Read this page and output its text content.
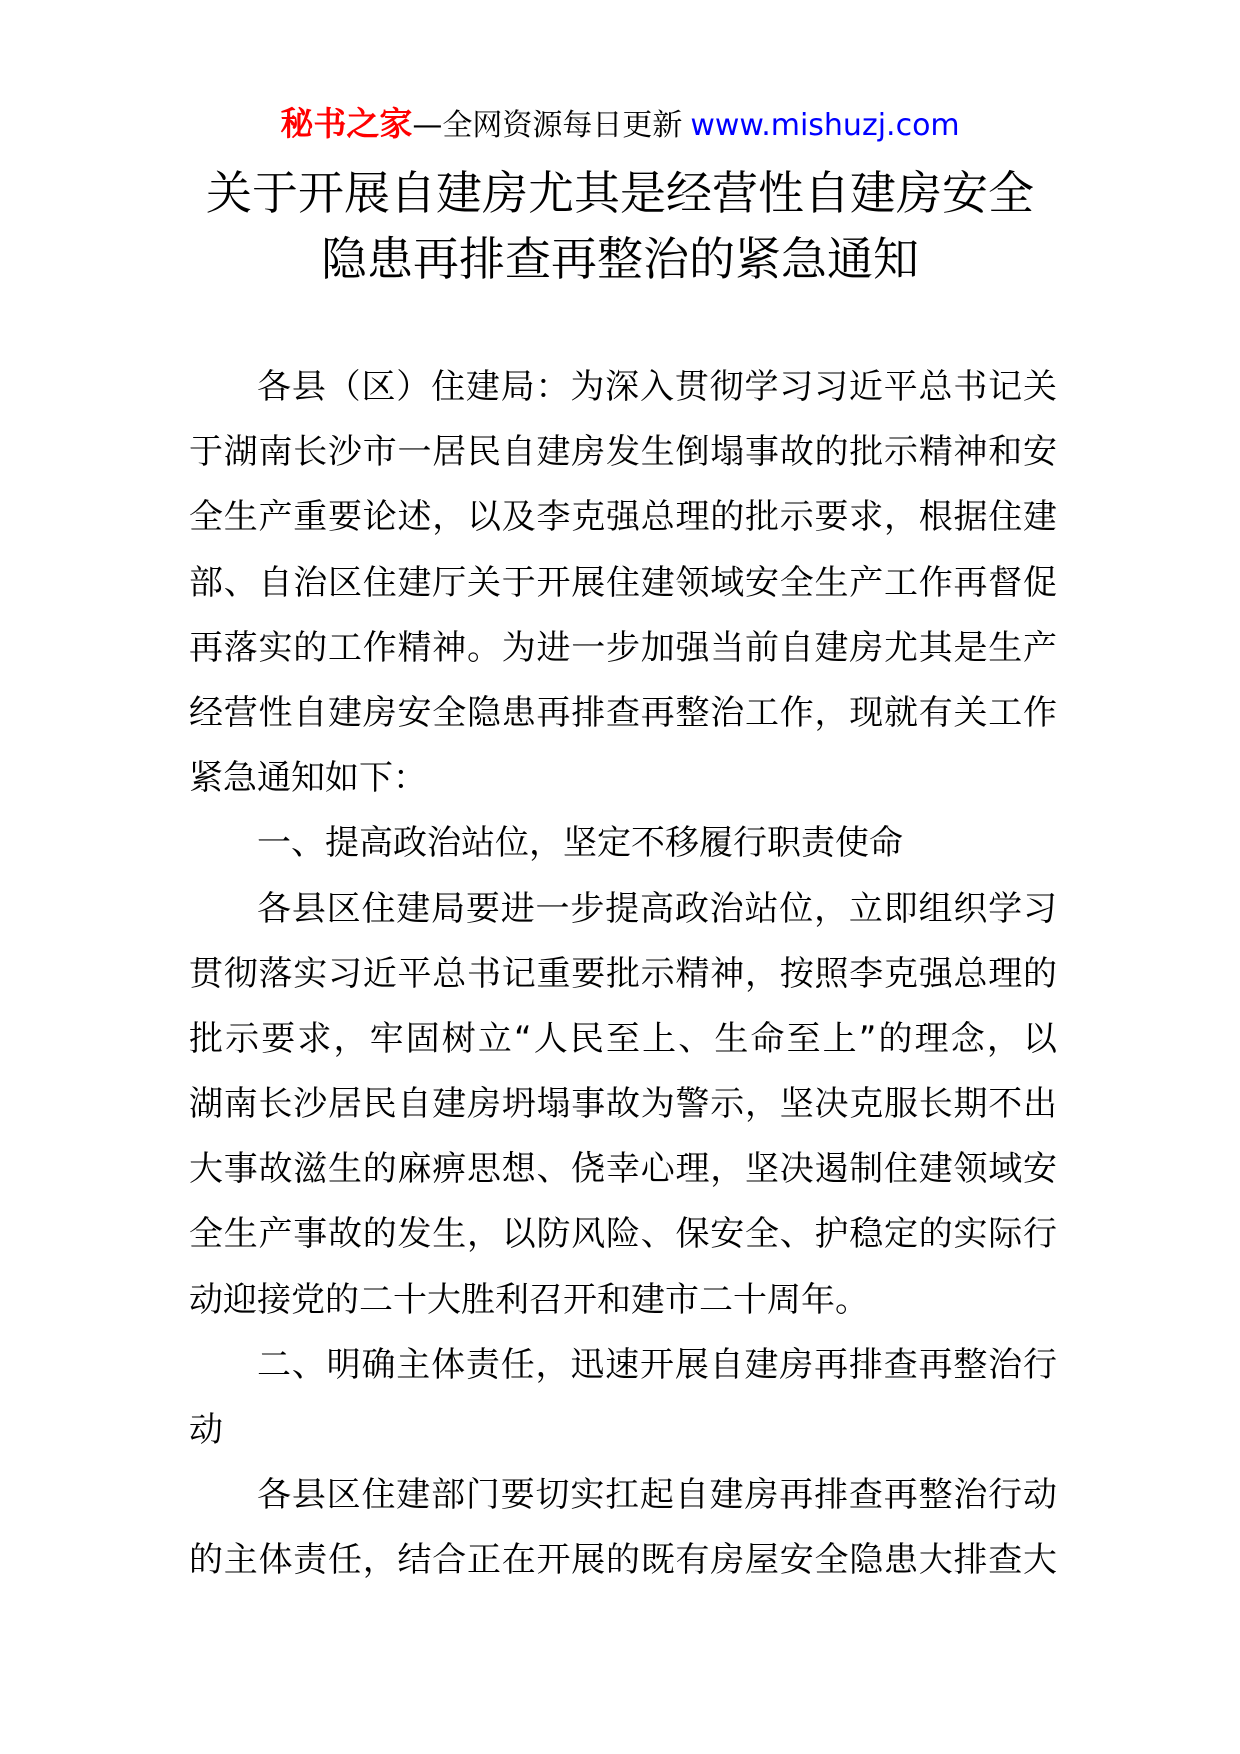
秘书之家—全网资源每日更新 www.mishuzj.com
关于开展自建房尤其是经营性自建房安全
隐患再排查再整治的紧急通知
各县（区）住建局：为深入贯彻学习习近平总书记关
于湖南长沙市一居民自建房发生倒塌事故的批示精神和安
全生产重要论述，以及李克强总理的批示要求，根据住建
部、自治区住建厅关于开展住建领域安全生产工作再督促
再落实的工作精神。为进一步加强当前自建房尤其是生产
经营性自建房安全隐患再排查再整治工作，现就有关工作
紧急通知如下：
一、提高政治站位，坚定不移履行职责使命
各县区住建局要进一步提高政治站位，立即组织学习
贯彻落实习近平总书记重要批示精神，按照李克强总理的
批示要求，牢固树立“人民至上、生命至上”的理念，以
湖南长沙居民自建房坍塌事故为警示，坚决克服长期不出
大事故滋生的麻痹思想、侥幸心理，坚决遏制住建领域安
全生产事故的发生，以防风险、保安全、护稳定的实际行
动迎接党的二十大胜利召开和建市二十周年。
二、明确主体责任，迅速开展自建房再排查再整治行
动
各县区住建部门要切实扛起自建房再排查再整治行动
的主体责任，结合正在开展的既有房屋安全隐患大排查大
